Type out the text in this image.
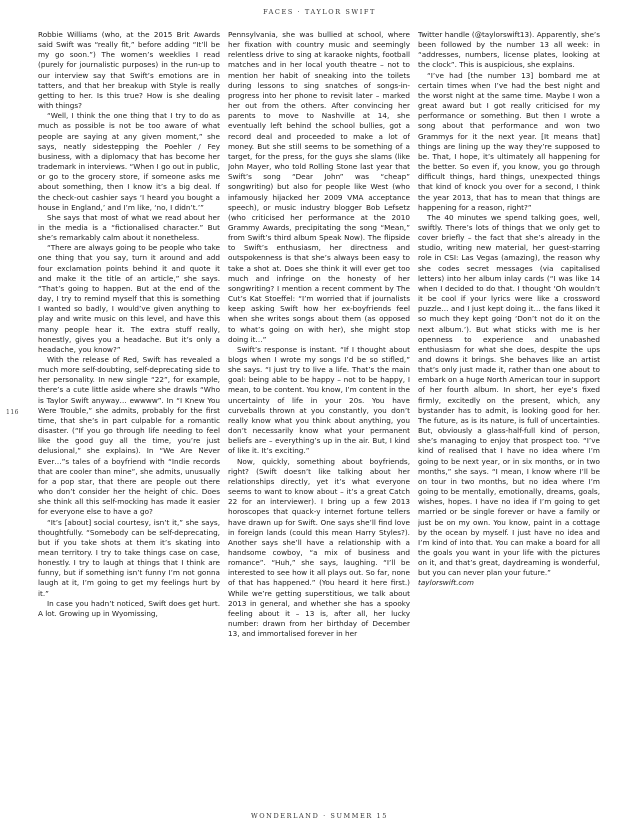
FACES · TAYLOR SWIFT
116

Robbie Williams (who, at the 2015 Brit Awards said Swift was “really fit,” before adding “It’ll be my go soon.”) The women’s weeklies I read (purely for journalistic purposes) in the run-up to our interview say that Swift’s emotions are in tatters, and that her breakup with Style is really getting to her. Is this true? How is she dealing with things?

“Well, I think the one thing that I try to do as much as possible is not be too aware of what people are saying at any given moment,” she says, neatly sidestepping the Poehler / Fey business, with a diplomacy that has become her trademark in interviews. “When I go out in public, or go to the grocery store, if someone asks me about something, then I know it’s a big deal. If the check-out cashier says ‘I heard you bought a house in England,’ and I’m like, ‘no, I didn’t.’”

She says that most of what we read about her in the media is a “fictionalised character.” But she’s remarkably calm about it nonetheless.

“There are always going to be people who take one thing that you say, turn it around and add four exclamation points behind it and quote it and make it the title of an article,” she says. “That’s going to happen. But at the end of the day, I try to remind myself that this is something I wanted so badly, I would’ve given anything to play and write music on this level, and have this many people hear it. The extra stuff really, honestly, gives you a headache. But it’s only a headache, you know?”

With the release of Red, Swift has revealed a much more self-doubting, self-deprecating side to her personality. In new single “22”, for example, there’s a cute little aside where she drawls “Who is Taylor Swift anyway… ewwww”. In “I Knew You Were Trouble,” she admits, probably for the first time, that she’s in part culpable for a romantic disaster. (“If you go through life needing to feel like the good guy all the time, you’re just delusional,” she explains). In “We Are Never Ever…”s tales of a boyfriend with “Indie records that are cooler than mine”, she admits, unusually for a pop star, that there are people out there who don’t consider her the height of chic. Does she think all this self-mocking has made it easier for everyone else to have a go?

“It’s [about] social courtesy, isn’t it,” she says, thoughtfully. “Somebody can be self-deprecating, but if you take shots at them it’s skating into mean territory. I try to take things case on case, honestly. I try to laugh at things that I think are funny, but if something isn’t funny I’m not gonna laugh at it, I’m going to get my feelings hurt by it.”

In case you hadn’t noticed, Swift does get hurt. A lot. Growing up in Wyomissing,

Pennsylvania, she was bullied at school, where her fixation with country music and seemingly relentless drive to sing at karaoke nights, football matches and in her local youth theatre – not to mention her habit of sneaking into the toilets during lessons to sing snatches of songs-in-progress into her phone to revisit later – marked her out from the others. After convincing her parents to move to Nashville at 14, she eventually left behind the school bullies, got a record deal and proceeded to make a lot of money. But she still seems to be something of a target, for the press, for the guys she slams (like John Mayer, who told Rolling Stone last year that Swift’s song “Dear John” was “cheap” songwriting) but also for people like West (who infamously hijacked her 2009 VMA acceptance speech), or music industry blogger Bob Lefsetz (who criticised her performance at the 2010 Grammy Awards, precipitating the song “Mean,” from Swift’s third album Speak Now). The flipside to Swift’s enthusiasm, her directness and outspokenness is that she’s always been easy to take a shot at. Does she think it will ever get too much and infringe on the honesty of her songwriting? I mention a recent comment by The Cut’s Kat Stoeffel: “I’m worried that if journalists keep asking Swift how her ex-boyfriends feel when she writes songs about them (as opposed to what’s going on with her), she might stop doing it…”

Swift’s response is instant. “If I thought about blogs when I wrote my songs I’d be so stifled,” she says. “I just try to live a life. That’s the main goal: being able to be happy – not to be happy, I mean, to be content. You know, I’m content in the uncertainty of life in your 20s. You have curveballs thrown at you constantly, you don’t really know what you think about anything, you don’t necessarily know what your permanent beliefs are – everything’s up in the air. But, I kind of like it. It’s exciting.”

Now, quickly, something about boyfriends, right? (Swift doesn’t like talking about her relationships directly, yet it’s what everyone seems to want to know about – it’s a great Catch 22 for an interviewer). I bring up a few 2013 horoscopes that quack-y internet fortune tellers have drawn up for Swift. One says she’ll find love in foreign lands (could this mean Harry Styles?). Another says she’ll have a relationship with a handsome cowboy, “a mix of business and romance”. “Huh,” she says, laughing. “I’ll be interested to see how it all plays out. So far, none of that has happened.” (You heard it here first.) While we’re getting superstitious, we talk about 2013 in general, and whether she has a spooky feeling about it – 13 is, after all, her lucky number: drawn from her birthday of December 13, and immortalised forever in her

Twitter handle (@taylorswift13). Apparently, she’s been followed by the number 13 all week: in “addresses, numbers, license plates, looking at the clock”. This is auspicious, she explains.

“I’ve had [the number 13] bombard me at certain times when I’ve had the best night and the worst night at the same time. Maybe I won a great award but I got really criticised for my performance or something. But then I wrote a song about that performance and won two Grammys for it the next year. [It means that] things are lining up the way they’re supposed to be. That, I hope, it’s ultimately all happening for the better. So even if, you know, you go through difficult things, hard things, unexpected things that kind of knock you over for a second, I think the year 2013, that has to mean that things are happening for a reason, right?”

The 40 minutes we spend talking goes, well, swiftly. There’s lots of things that we only get to cover briefly – the fact that she’s already in the studio, writing new material, her guest-starring role in CSI: Las Vegas (amazing), the reason why she codes secret messages (via capitalised letters) into her album inlay cards (“I was like 14 when I decided to do that. I thought ‘Oh wouldn’t it be cool if your lyrics were like a crossword puzzle… and I just kept doing it… the fans liked it so much they kept going ‘Don’t not do it on the next album.’). But what sticks with me is her openness to experience and unabashed enthusiasm for what she does, despite the ups and downs it brings. She behaves like an artist that’s only just made it, rather than one about to embark on a huge North American tour in support of her fourth album. In short, her eye’s fixed firmly, excitedly on the present, which, any bystander has to admit, is looking good for her. The future, as is its nature, is full of uncertainties. But, obviously a glass-half-full kind of person, she’s managing to enjoy that prospect too. “I’ve kind of realised that I have no idea where I’m going to be next year, or in six months, or in two months,” she says. “I mean, I know where I’ll be on tour in two months, but no idea where I’m going to be mentally, emotionally, dreams, goals, wishes, hopes. I have no idea if I’m going to get married or be single forever or have a family or just be on my own. You know, paint in a cottage by the ocean by myself. I just have no idea and I’m kind of into that. You can make a board for all the goals you want in your life with the pictures on it, and that’s great, daydreaming is wonderful, but you can never plan your future.”

taylorswift.com

WONDERLAND · SUMMER 15
